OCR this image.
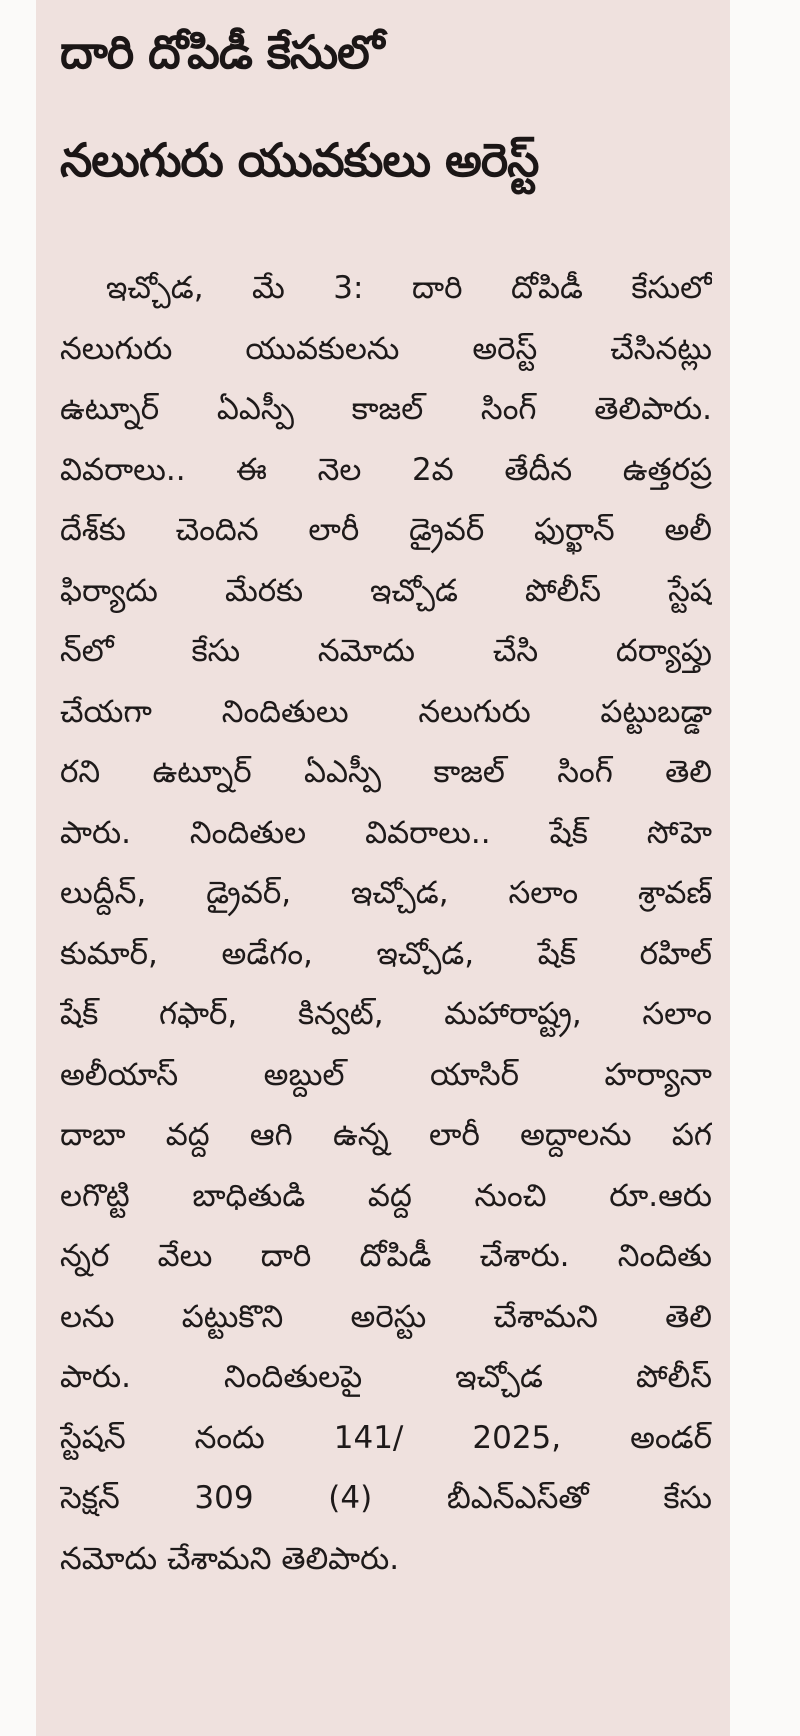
దారి దోపిడీ కేసులో
నలుగురు యువకులు అరెస్ట్
ఇచ్చోడ, మే 3: దారి దోపిడీ కేసులో
నలుగురు యువకులను అరెస్ట్ చేసినట్లు
ఉట్నూర్ ఏఎస్పీ కాజల్ సింగ్ తెలిపారు.
వివరాలు.. ఈ నెల 2వ తేదీన ఉత్తరప్ర
దేశ్‌కు చెందిన లారీ డ్రైవర్ ఫుర్ఖాన్ అలీ
ఫిర్యాదు మేరకు ఇచ్చోడ పోలీస్ స్టేష
న్‌లో కేసు నమోదు చేసి దర్యాప్తు
చేయగా నిందితులు నలుగురు పట్టుబడ్డా
రని ఉట్నూర్ ఏఎస్పీ కాజల్ సింగ్ తెలి
పారు. నిందితుల వివరాలు.. షేక్ సోహె
లుద్దీన్, డ్రైవర్, ఇచ్చోడ, సలాం శ్రావణ్
కుమార్, అడేగం, ఇచ్చోడ, షేక్ రహిల్
షేక్ గఫార్, కిన్వట్, మహారాష్ట్ర, సలాం
అలీయాస్ అబ్దుల్ యాసిర్ హర్యానా
దాబా వద్ద ఆగి ఉన్న లారీ అద్దాలను పగ
లగొట్టి బాధితుడి వద్ద నుంచి రూ.ఆరు
న్నర వేలు దారి దోపిడీ చేశారు. నిందితు
లను పట్టుకొని అరెస్టు చేశామని తెలి
పారు. నిందితులపై ఇచ్చోడ పోలీస్
స్టేషన్ నందు 141/ 2025, అండర్
సెక్షన్ 309 (4) బీఎన్ఎస్‌తో కేసు
నమోదు చేశామని తెలిపారు.
